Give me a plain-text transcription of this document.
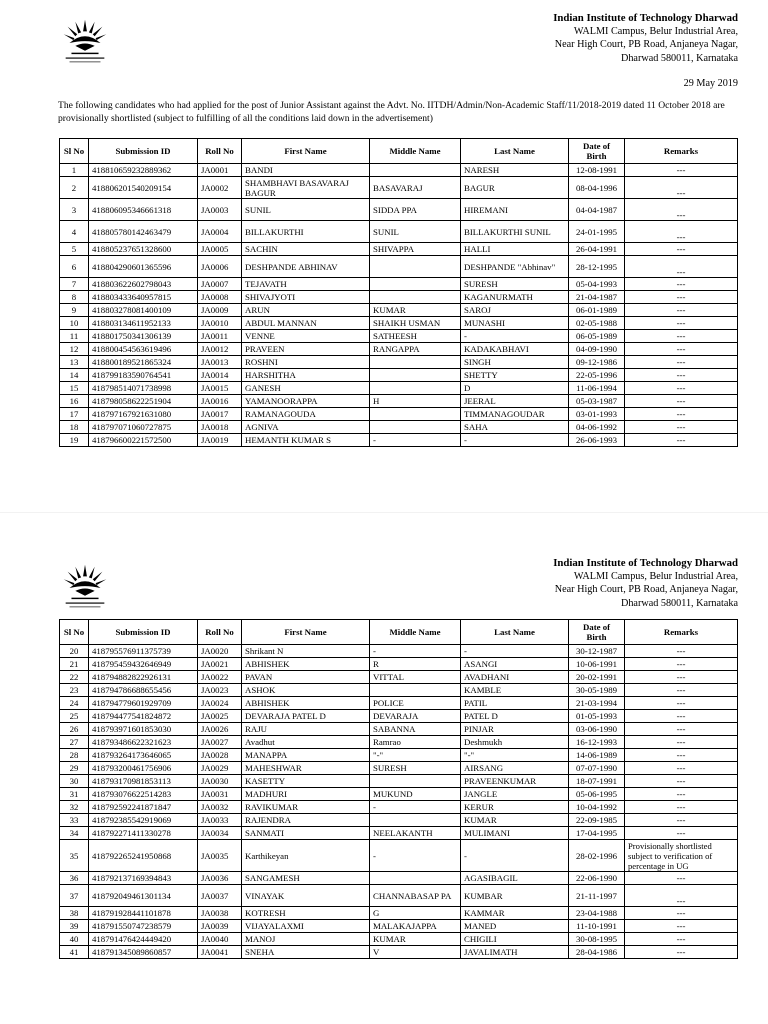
Indian Institute of Technology Dharwad
WALMI Campus, Belur Industrial Area,
Near High Court, PB Road, Anjaneya Nagar,
Dharwad 580011, Karnataka
29 May 2019
The following candidates who had applied for the post of Junior Assistant against the Advt. No. IITDH/Admin/Non-Academic Staff/11/2018-2019 dated 11 October 2018 are provisionally shortlisted (subject to fulfilling of all the conditions laid down in the advertisement)
Sl No	Submission ID	Roll No	First Name	Middle Name	Last Name	Date of Birth	Remarks
1	418810659232889362	JA0001	BANDI		NARESH	12-08-1991	---
2	418806201540209154	JA0002	SHAMBHAVI BASAVARAJ BAGUR	BASAVARAJ	BAGUR	08-04-1996	---
3	418806095346661318	JA0003	SUNIL	SIDDA PPA	HIREMANI	04-04-1987	---
4	418805780142463479	JA0004	BILLAKURTHI	SUNIL	BILLAKURTHI SUNIL	24-01-1995	---
5	418805237651328600	JA0005	SACHIN	SHIVAPPA	HALLI	26-04-1991	---
6	418804290601365596	JA0006	DESHPANDE ABHINAV		DESHPANDE "Abhinav"	28-12-1995	---
7	418803622602798043	JA0007	TEJAVATH		SURESH	05-04-1993	---
8	418803433640957815	JA0008	SHIVAJYOTI		KAGANURMATH	21-04-1987	---
9	418803278081400109	JA0009	ARUN	KUMAR	SAROJ	06-01-1989	---
10	418803134611952133	JA0010	ABDUL MANNAN	SHAIKH USMAN	MUNASHI	02-05-1988	---
11	418801750341306139	JA0011	VENNE	SATHEESH	-	06-05-1989	---
12	418800454563619496	JA0012	PRAVEEN	RANGAPPA	KADAKABHAVI	04-09-1990	---
13	418800189521865324	JA0013	ROSHNI		SINGH	09-12-1986	---
14	418799183590764541	JA0014	HARSHITHA		SHETTY	22-05-1996	---
15	418798514071738998	JA0015	GANESH		D	11-06-1994	---
16	418798058622251904	JA0016	YAMANOORAPPA	H	JEERAL	05-03-1987	---
17	418797167921631080	JA0017	RAMANAGOUDA		TIMMANAGOUDAR	03-01-1993	---
18	418797071060727875	JA0018	AGNIVA		SAHA	04-06-1992	---
19	418796600221572500	JA0019	HEMANTH KUMAR S	-	-	26-06-1993	---
Indian Institute of Technology Dharwad
WALMI Campus, Belur Industrial Area,
Near High Court, PB Road, Anjaneya Nagar,
Dharwad 580011, Karnataka
Sl No	Submission ID	Roll No	First Name	Middle Name	Last Name	Date of Birth	Remarks
20	418795576911375739	JA0020	Shrikant N	-	-	30-12-1987	---
21	418795459432646949	JA0021	ABHISHEK	R	ASANGI	10-06-1991	---
22	418794882822926131	JA0022	PAVAN	VITTAL	AVADHANI	20-02-1991	---
23	418794786688655456	JA0023	ASHOK		KAMBLE	30-05-1989	---
24	418794779601929709	JA0024	ABHISHEK	POLICE	PATIL	21-03-1994	---
25	418794477541824872	JA0025	DEVARAJA PATEL D	DEVARAJA	PATEL D	01-05-1993	---
26	418793971601853030	JA0026	RAJU	SABANNA	PINJAR	03-06-1990	---
27	418793486622321623	JA0027	Avadhut	Ramrao	Deshmukh	16-12-1993	---
28	418793264173646065	JA0028	MANAPPA	"-"	"-"	14-06-1989	---
29	418793200461756906	JA0029	MAHESHWAR	SURESH	AIRSANG	07-07-1990	---
30	418793170981853113	JA0030	KASETTY		PRAVEENKUMAR	18-07-1991	---
31	418793076622514283	JA0031	MADHURI	MUKUND	JANGLE	05-06-1995	---
32	418792592241871847	JA0032	RAVIKUMAR	-	KERUR	10-04-1992	---
33	418792385542919069	JA0033	RAJENDRA		KUMAR	22-09-1985	---
34	418792271411330278	JA0034	SANMATI	NEELAKANTH	MULIMANI	17-04-1995	---
35	418792265241950868	JA0035	Karthikeyan	-	-	28-02-1996	Provisionally shortlisted subject to verification of percentage in UG
36	418792137169394843	JA0036	SANGAMESH		AGASIBAGIL	22-06-1990	---
37	418792049461301134	JA0037	VINAYAK	CHANNABASAP PA	KUMBAR	21-11-1997	---
38	418791928441101878	JA0038	KOTRESH	G	KAMMAR	23-04-1988	---
39	418791550747238579	JA0039	VIJAYALAXMI	MALAKAJAPPA	MANED	11-10-1991	---
40	418791476424449420	JA0040	MANOJ	KUMAR	CHIGILI	30-08-1995	---
41	418791345089860857	JA0041	SNEHA	V	JAVALIMATH	28-04-1986	---
